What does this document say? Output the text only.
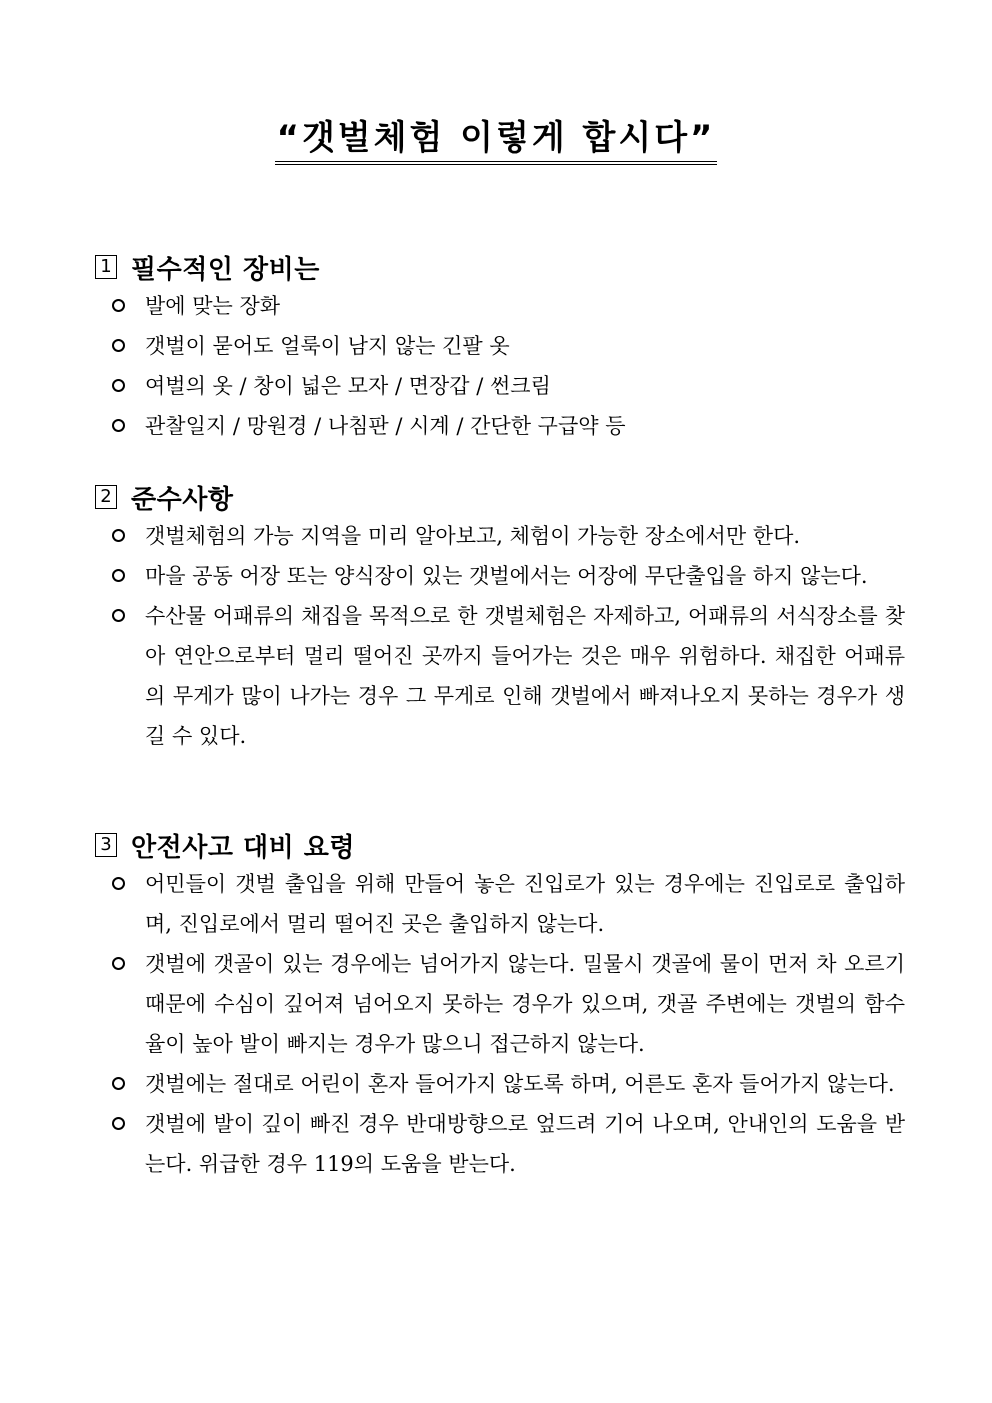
“갯벌체험 이렇게 합시다”
1 필수적인 장비는
발에 맞는 장화
갯벌이 묻어도 얼룩이 남지 않는 긴팔 옷
여벌의 옷 / 창이 넓은 모자 / 면장갑 / 썬크림
관찰일지 / 망원경 / 나침판 / 시계 / 간단한 구급약 등
2 준수사항
갯벌체험의 가능 지역을 미리 알아보고, 체험이 가능한 장소에서만 한다.
마을 공동 어장 또는 양식장이 있는 갯벌에서는 어장에 무단출입을 하지 않는다.
수산물 어패류의 채집을 목적으로 한 갯벌체험은 자제하고, 어패류의 서식장소를 찾아 연안으로부터 멀리 떨어진 곳까지 들어가는 것은 매우 위험하다. 채집한 어패류의 무게가 많이 나가는 경우 그 무게로 인해 갯벌에서 빠져나오지 못하는 경우가 생길 수 있다.
3 안전사고 대비 요령
어민들이 갯벌 출입을 위해 만들어 놓은 진입로가 있는 경우에는 진입로로 출입하며, 진입로에서 멀리 떨어진 곳은 출입하지 않는다.
갯벌에 갯골이 있는 경우에는 넘어가지 않는다. 밀물시 갯골에 물이 먼저 차 오르기 때문에 수심이 깊어져 넘어오지 못하는 경우가 있으며, 갯골 주변에는 갯벌의 함수율이 높아 발이 빠지는 경우가 많으니 접근하지 않는다.
갯벌에는 절대로 어린이 혼자 들어가지 않도록 하며, 어른도 혼자 들어가지 않는다.
갯벌에 발이 깊이 빠진 경우 반대방향으로 엎드려 기어 나오며, 안내인의 도움을 받는다. 위급한 경우 119의 도움을 받는다.
